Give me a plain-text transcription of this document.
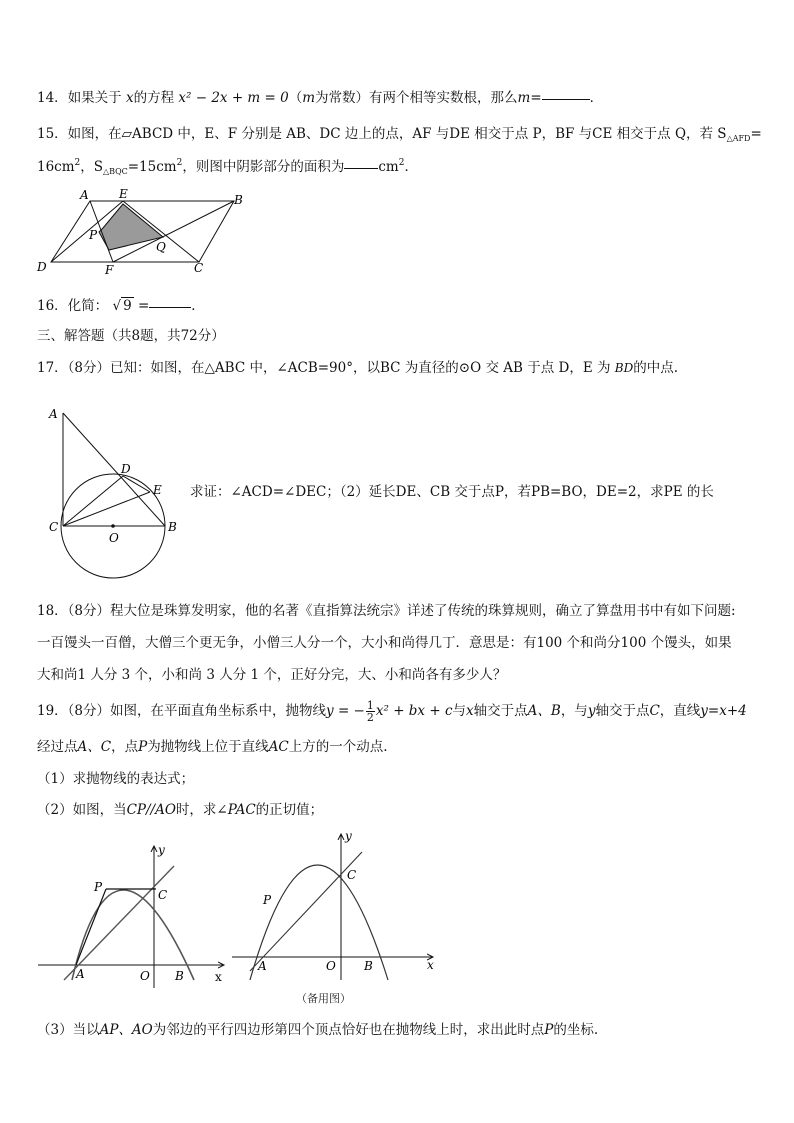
14．如果关于 x的方程 x² − 2x + m = 0（m为常数）有两个相等实数根，那么m=	．
15．如图，在▱ABCD 中，E、F 分别是 AB、DC 边上的点，AF 与DE 相交于点 P，BF 与CE 相交于点 Q，若 $S_{\triangle AFD}=$
$16cm^2$，$S_{\triangle BQC}=15cm^2$，则图中阴影部分的面积为	$cm^2$．
A	E	B
P
Q
D	F	C
16．化简： √ 9 =	．
三、解答题（共8题，共72分）
17．（8分）已知：如图，在△ABC 中，∠ACB=90°，以BC 为直径的⊙O 交 AB 于点 D，E 为 BD的中点.
A
D
E
C	B
O
求证：∠ACD=∠DEC；（2）延长DE、CB 交于点P，若PB=BO，DE=2，求PE 的长
18．（8分）程大位是珠算发明家，他的名著《直指算法统宗》详述了传统的珠算规则，确立了算盘用书中有如下问题:
一百馒头一百僧，大僧三个更无争，小僧三人分一个，大小和尚得几丁．意思是：有100 个和尚分100 个馒头，如果
大和尚1 人分 3 个，小和尚 3 人分 1 个，正好分完，大、小和尚各有多少人？
19．（8分）如图，在平面直角坐标系中，抛物线y = − $\frac{1}{2} x^2$ + bx + c与x轴交于点A、B，与y轴交于点C，直线y=x+4
经过点A、C，点P为抛物线上位于直线AC上方的一个动点.
（1）求抛物线的表达式；
（2）如图，当CP//AO时，求∠PAC的正切值；
y
x
P
C
A	O B
y
x
P
C
A	O B
（备用图）
（3）当以AP、AO为邻边的平行四边形第四个顶点恰好也在抛物线上时，求出此时点P的坐标.
